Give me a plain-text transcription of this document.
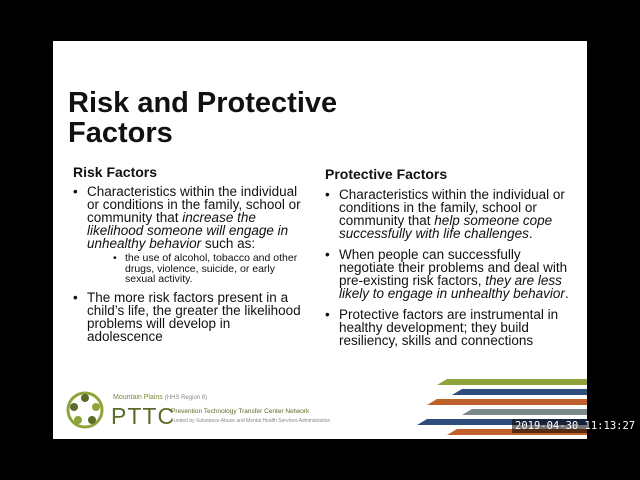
Risk and Protective Factors
Risk Factors
• Characteristics within the individual or conditions in the family, school or community that increase the likelihood someone will engage in unhealthy behavior such as:
• the use of alcohol, tobacco and other drugs, violence, suicide, or early sexual activity.
• The more risk factors present in a child’s life, the greater the likelihood problems will develop in adolescence
Protective Factors
• Characteristics within the individual or conditions in the family, school or community that help someone cope successfully with life challenges.
• When people can successfully negotiate their problems and deal with pre-existing risk factors, they are less likely to engage in unhealthy behavior.
• Protective factors are instrumental in healthy development; they build resiliency, skills and connections
Mountain Plains (HHS Region 8)
PTTC
Prevention Technology Transfer Center Network
Funded by Substance Abuse and Mental Health Services Administration	2019-04-30 11:13:27
